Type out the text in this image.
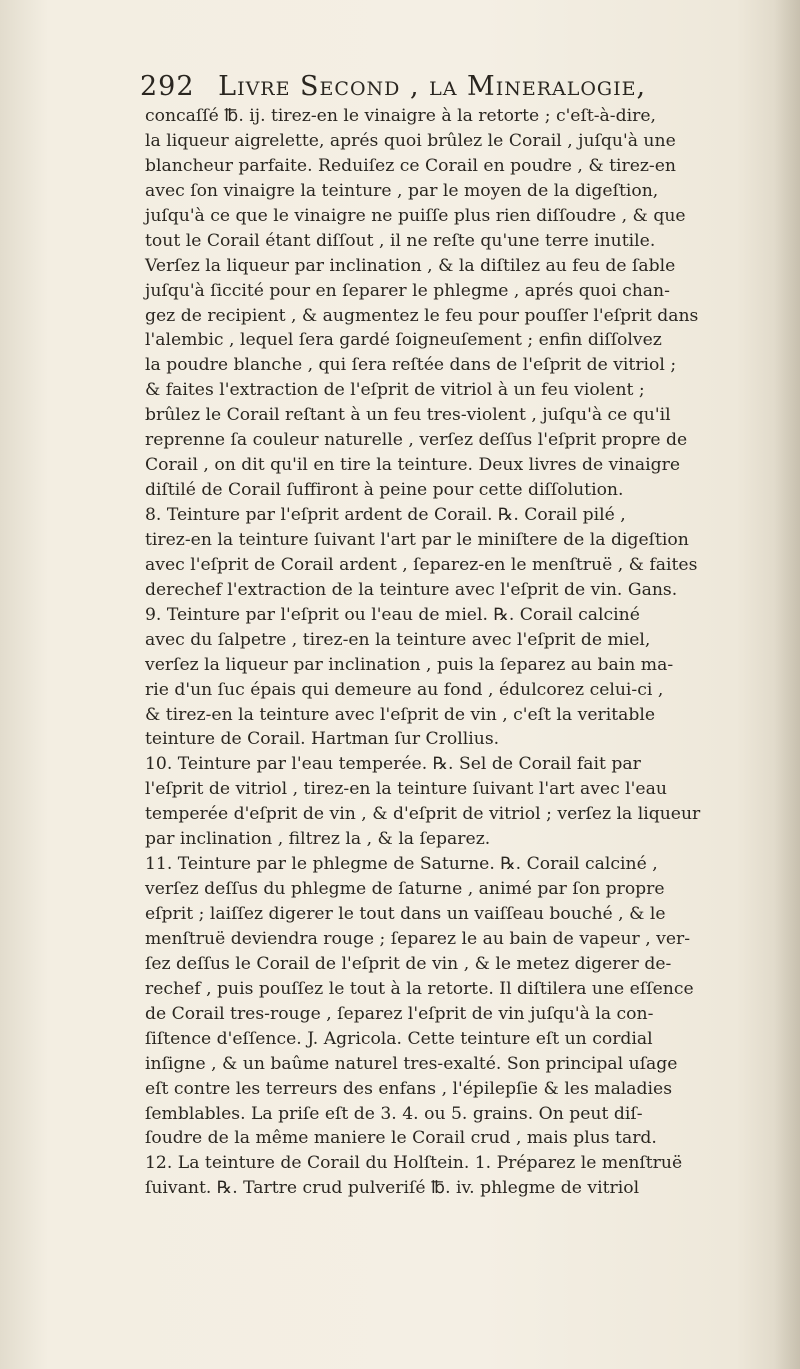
292 Livre Second , la Mineralogie,
concaſſé ℔. ij. tirez-en le vinaigre à la retorte ; c'eſt-à-dire,
la liqueur aigrelette, aprés quoi brûlez le Corail , juſqu'à une
blancheur parfaite. Reduiſez ce Corail en poudre , & tirez-en
avec ſon vinaigre la teinture , par le moyen de la digeſtion,
juſqu'à ce que le vinaigre ne puiſſe plus rien diſſoudre , & que
tout le Corail étant diſſout , il ne reſte qu'une terre inutile.
Verſez la liqueur par inclination , & la diſtilez au feu de ſable
juſqu'à ſiccité pour en ſeparer le phlegme , aprés quoi chan-
gez de recipient , & augmentez le feu pour pouſſer l'eſprit dans
l'alembic , lequel ſera gardé ſoigneuſement ; enfin diſſolvez
la poudre blanche , qui ſera reſtée dans de l'eſprit de vitriol ;
& faites l'extraction de l'eſprit de vitriol à un feu violent ;
brûlez le Corail reſtant à un feu tres-violent , juſqu'à ce qu'il
reprenne ſa couleur naturelle , verſez deſſus l'eſprit propre de
Corail , on dit qu'il en tire la teinture. Deux livres de vinaigre
diſtilé de Corail ſuffiront à peine pour cette diſſolution.
8. Teinture par l'eſprit ardent de Corail. ℞. Corail pilé ,
tirez-en la teinture ſuivant l'art par le miniſtere de la digeſtion
avec l'eſprit de Corail ardent , ſeparez-en le menſtruë , & faites
derechef l'extraction de la teinture avec l'eſprit de vin. Gans.
9. Teinture par l'eſprit ou l'eau de miel. ℞. Corail calciné
avec du ſalpetre , tirez-en la teinture avec l'eſprit de miel,
verſez la liqueur par inclination , puis la ſeparez au bain ma-
rie d'un ſuc épais qui demeure au fond , édulcorez celui-ci ,
& tirez-en la teinture avec l'eſprit de vin , c'eſt la veritable
teinture de Corail. Hartman ſur Crollius.
10. Teinture par l'eau temperée. ℞. Sel de Corail fait par
l'eſprit de vitriol , tirez-en la teinture ſuivant l'art avec l'eau
temperée d'eſprit de vin , & d'eſprit de vitriol ; verſez la liqueur
par inclination , filtrez la , & la ſeparez.
11. Teinture par le phlegme de Saturne. ℞. Corail calciné ,
verſez deſſus du phlegme de ſaturne , animé par ſon propre
eſprit ; laiſſez digerer le tout dans un vaiſſeau bouché , & le
menſtruë deviendra rouge ; ſeparez le au bain de vapeur , ver-
ſez deſſus le Corail de l'eſprit de vin , & le metez digerer de-
rechef , puis pouſſez le tout à la retorte. Il diſtilera une eſſence
de Corail tres-rouge , ſeparez l'eſprit de vin juſqu'à la con-
ſiſtence d'eſſence. J. Agricola. Cette teinture eſt un cordial
inſigne , & un baûme naturel tres-exalté. Son principal uſage
eſt contre les terreurs des enfans , l'épilepſie & les maladies
ſemblables. La priſe eſt de 3. 4. ou 5. grains. On peut diſ-
ſoudre de la même maniere le Corail crud , mais plus tard.
12. La teinture de Corail du Holſtein. 1. Préparez le menſtruë
ſuivant. ℞. Tartre crud pulveriſé ℔. iv. phlegme de vitriol
